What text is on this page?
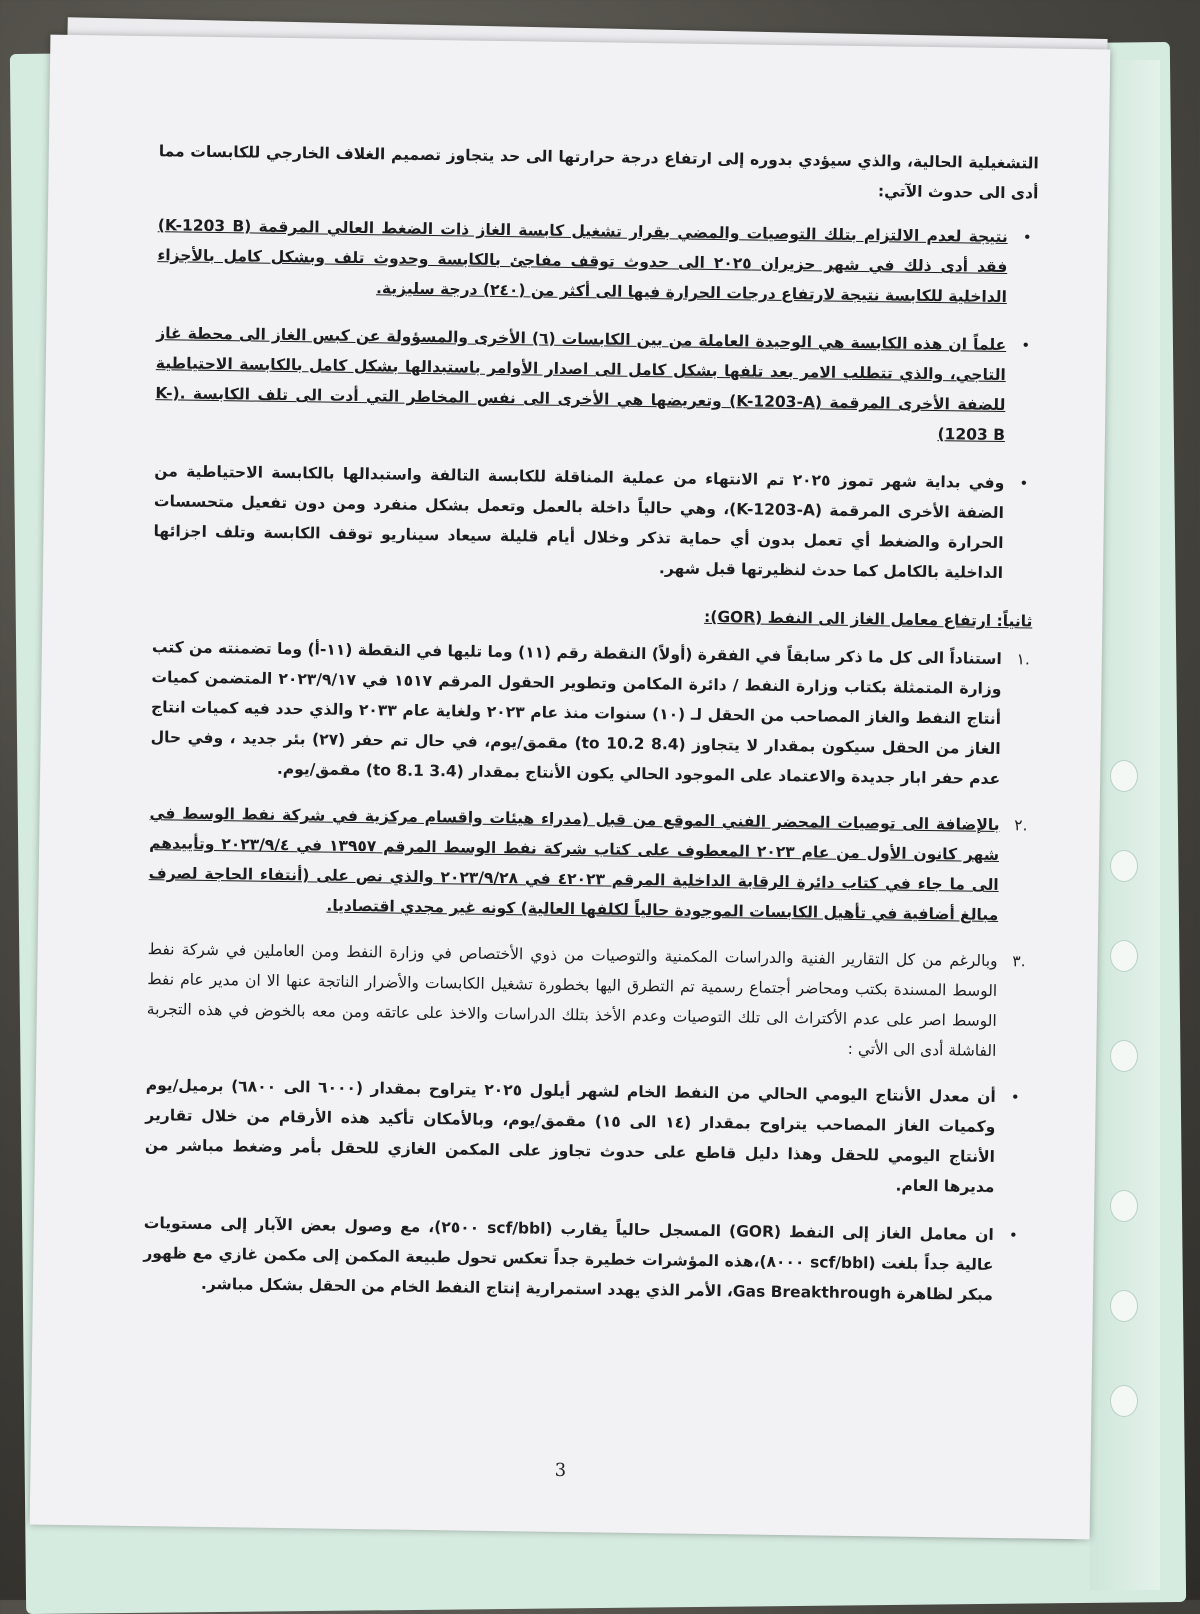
التشغيلية الحالية، والذي سيؤدي بدوره إلى ارتفاع درجة حرارتها الى حد يتجاوز تصميم الغلاف الخارجي للكابسات مما أدى الى حدوث الآتي:

•
نتيجة لعدم الالتزام بتلك التوصيات والمضي بقرار تشغيل كابسة الغاز ذات الضغط العالي المرقمة (K-1203 B) فقد أدى ذلك في شهر حزيران ٢٠٢٥ الى حدوث توقف مفاجئ بالكابسة وحدوث تلف وبشكل كامل بالأجزاء الداخلية للكابسة نتيجة لارتفاع درجات الحرارة فيها الى أكثر من (٢٤٠) درجة سليزية.
•
علماً ان هذه الكابسة هي الوحيدة العاملة من بين الكابسات (٦) الأخرى والمسؤولة عن كبس الغاز الى محطة غاز التاجي، والذي تتطلب الامر بعد تلفها بشكل كامل الى اصدار الأوامر باستبدالها بشكل كامل بالكابسة الاحتياطية للضفة الأخرى المرقمة (K-1203-A) وتعريضها هي الأخرى الى نفس المخاطر التي أدت الى تلف الكابسة .(K-1203 B)
•
وفي بداية شهر تموز ٢٠٢٥ تم الانتهاء من عملية المناقلة للكابسة التالفة واستبدالها بالكابسة الاحتياطية من الضفة الأخرى المرقمة (K-1203-A)، وهي حالياً داخلة بالعمل وتعمل بشكل منفرد ومن دون تفعيل متحسسات الحرارة والضغط أي تعمل بدون أي حماية تذكر وخلال أيام قليلة سيعاد سيناريو توقف الكابسة وتلف اجزائها الداخلية بالكامل كما حدث لنظيرتها قبل شهر.
ثانياً: ارتفاع معامل الغاز الى النفط (GOR):
.١
استناداً الى كل ما ذكر سابقاً في الفقرة (أولاً) النقطة رقم (١١) وما تليها في النقطة (١١-أ) وما تضمنته من كتب وزارة المتمثلة بكتاب وزارة النفط / دائرة المكامن وتطوير الحقول المرقم ١٥١٧ في ٢٠٢٣/٩/١٧ المتضمن كميات أنتاج النفط والغاز المصاحب من الحقل لـ (١٠) سنوات منذ عام ٢٠٢٣ ولغاية عام ٢٠٣٣ والذي حدد فيه كميات انتاج الغاز من الحقل سيكون بمقدار لا يتجاوز (8.4 to 10.2) مقمق/يوم، في حال تم حفر (٢٧) بئر جديد ، وفي حال عدم حفر ابار جديدة والاعتماد على الموجود الحالي يكون الأنتاج بمقدار (3.4 to 8.1) مقمق/يوم.
.٢
بالإضافة الى توصيات المحضر الفني الموقع من قبل (مدراء هيئات واقسام مركزية في شركة نفط الوسط في شهر كانون الأول من عام ٢٠٢٣ المعطوف على كتاب شركة نفط الوسط المرقم ١٣٩٥٧ في ٢٠٢٣/٩/٤ وتأييدهم الى ما جاء في كتاب دائرة الرقابة الداخلية المرقم ٤٢٠٢٣ في ٢٠٢٣/٩/٢٨ والذي نص على (أنتفاء الحاجة لصرف مبالغ أضافية في تأهيل الكابسات الموجودة حالياً لكلفها العالية) كونه غير مجدي اقتصاديا.
.٣
وبالرغم من كل التقارير الفنية والدراسات المكمنية والتوصيات من ذوي الأختصاص في وزارة النفط ومن العاملين في شركة نفط الوسط المسندة بكتب ومحاضر أجتماع رسمية تم التطرق اليها بخطورة تشغيل الكابسات والأضرار الناتجة عنها الا ان مدير عام نفط الوسط اصر على عدم الأكتراث الى تلك التوصيات وعدم الأخذ بتلك الدراسات والاخذ على عاتقه ومن معه بالخوض في هذه التجربة الفاشلة أدى الى الأتي :
•
أن معدل الأنتاج اليومي الحالي من النفط الخام لشهر أيلول ٢٠٢٥ يتراوح بمقدار (٦٠٠٠ الى ٦٨٠٠) برميل/يوم وكميات الغاز المصاحب يتراوح بمقدار (١٤ الى ١٥) مقمق/يوم، وبالأمكان تأكيد هذه الأرقام من خلال تقارير الأنتاج اليومي للحقل وهذا دليل قاطع على حدوث تجاوز على المكمن الغازي للحقل بأمر وضغط مباشر من مديرها العام.
•
ان معامل الغاز إلى النفط (GOR) المسجل حالياً يقارب (scf/bbl ٢٥٠٠)، مع وصول بعض الآبار إلى مستويات عالية جداً بلغت (scf/bbl ٨٠٠٠)،هذه المؤشرات خطيرة جداً تعكس تحول طبيعة المكمن إلى مكمن غازي مع ظهور مبكر لظاهرة Gas Breakthrough، الأمر الذي يهدد استمرارية إنتاج النفط الخام من الحقل بشكل مباشر.
3
